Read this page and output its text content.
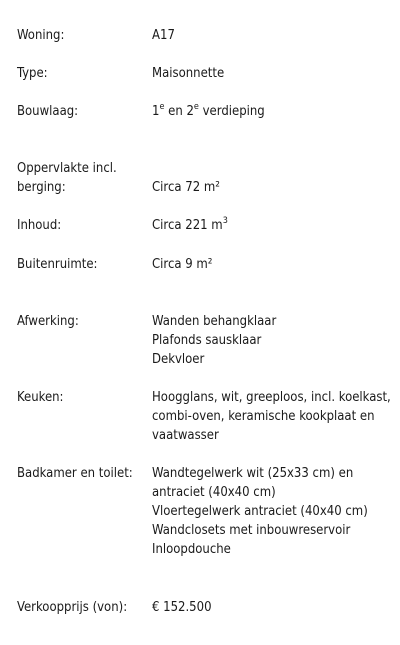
Woning:	A17
Type:	Maisonnette
Bouwlaag:	1e en 2e verdieping
Oppervlakte incl.
berging:	Circa 72 m²
Inhoud:	Circa 221 $m^3$
Buitenruimte:	Circa 9 m²
Afwerking:	Wanden behangklaar
Plafonds sausklaar
Dekvloer
Keuken:	Hoogglans, wit, greeploos, incl. koelkast,
combi-oven, keramische kookplaat en
vaatwasser
Badkamer en toilet:	Wandtegelwerk wit (25x33 cm) en
antraciet (40x40 cm)
Vloertegelwerk antraciet (40x40 cm)
Wandclosets met inbouwreservoir
Inloopdouche
Verkoopprijs (von):	€ 152.500
